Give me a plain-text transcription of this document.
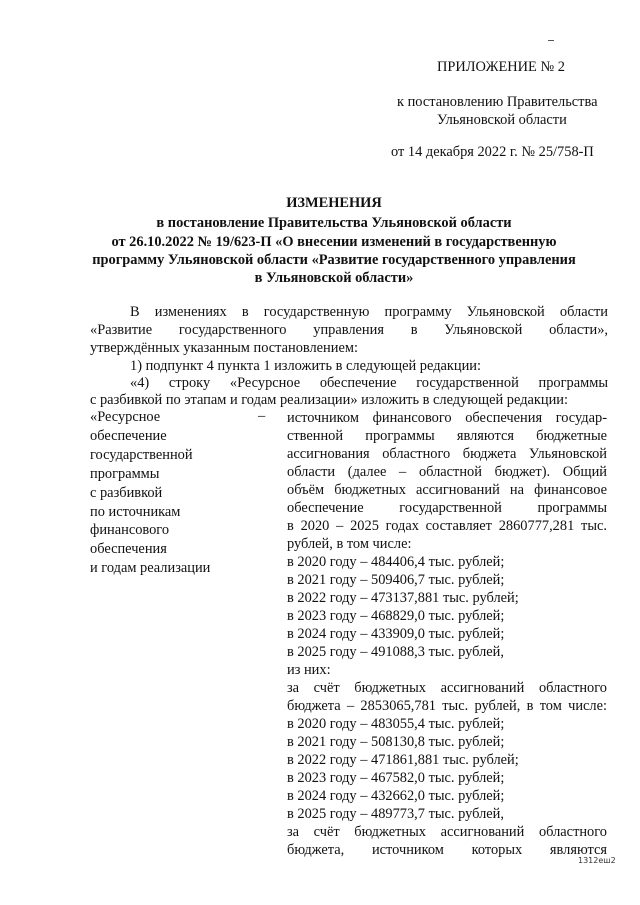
ПРИЛОЖЕНИЕ № 2
к постановлению Правительства
Ульяновской области
от 14 декабря 2022 г. № 25/758-П
ИЗМЕНЕНИЯ
в постановление Правительства Ульяновской области
от 26.10.2022 № 19/623-П «О внесении изменений в государственную
программу Ульяновской области «Развитие государственного управления
в Ульяновской области»
В изменениях в государственную программу Ульяновской области
«Развитие государственного управления в Ульяновской области»,
утверждённых указанным постановлением:
1) подпункт 4 пункта 1 изложить в следующей редакции:
«4) строку «Ресурсное обеспечение государственной программы
с разбивкой по этапам и годам реализации» изложить в следующей редакции:
«Ресурсное
обеспечение
государственной
программы
с разбивкой
по источникам
финансового
обеспечения
и годам реализации
– источником финансового обеспечения государ-
ственной программы являются бюджетные
ассигнования областного бюджета Ульяновской
области (далее – областной бюджет). Общий
объём бюджетных ассигнований на финансовое
обеспечение государственной программы
в 2020 – 2025 годах составляет 2860777,281 тыс.
рублей, в том числе:
в 2020 году – 484406,4 тыс. рублей;
в 2021 году – 509406,7 тыс. рублей;
в 2022 году – 473137,881 тыс. рублей;
в 2023 году – 468829,0 тыс. рублей;
в 2024 году – 433909,0 тыс. рублей;
в 2025 году – 491088,3 тыс. рублей,
из них:
за счёт бюджетных ассигнований областного
бюджета – 2853065,781 тыс. рублей, в том числе:
в 2020 году – 483055,4 тыс. рублей;
в 2021 году – 508130,8 тыс. рублей;
в 2022 году – 471861,881 тыс. рублей;
в 2023 году – 467582,0 тыс. рублей;
в 2024 году – 432662,0 тыс. рублей;
в 2025 году – 489773,7 тыс. рублей,
за счёт бюджетных ассигнований областного
бюджета, источником которых являются
1312еш2
